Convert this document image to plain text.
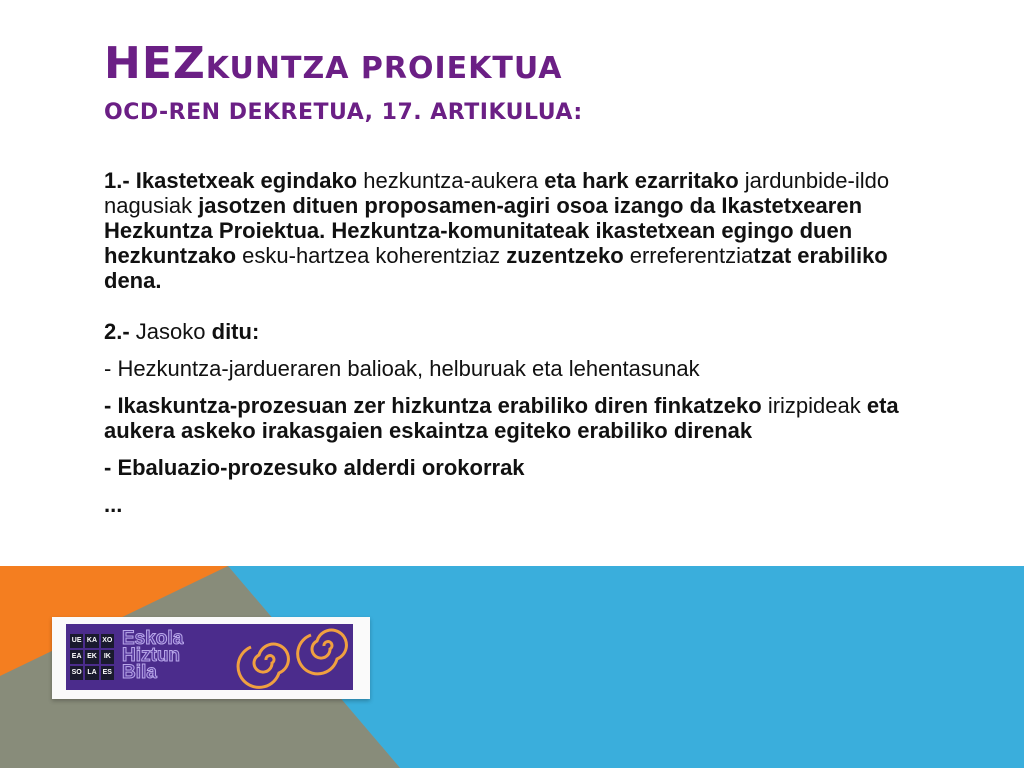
HEZKUNTZA PROIEKTUA
OCD-REN DEKRETUA, 17. ARTIKULUA:

1.- Ikastetxeak egindako hezkuntza-aukera eta hark ezarritako jardunbide-ildo nagusiak jasotzen dituen proposamen-agiri osoa izango da Ikastetxearen Hezkuntza Proiektua. Hezkuntza-komunitateak ikastetxean egingo duen hezkuntzako esku-hartzea koherentziaz zuzentzeko erreferentziatzat erabiliko dena.

2.- Jasoko ditu:

- Hezkuntza-jardueraren balioak, helburuak eta lehentasunak

- Ikaskuntza-prozesuan zer hizkuntza erabiliko diren finkatzeko irizpideak eta aukera askeko irakasgaien eskaintza egiteko erabiliko direnak

- Ebaluazio-prozesuko alderdi orokorrak

...

UE KA XO
EA EK IK
SO LA ES
Eskola
Hiztun
Bila
